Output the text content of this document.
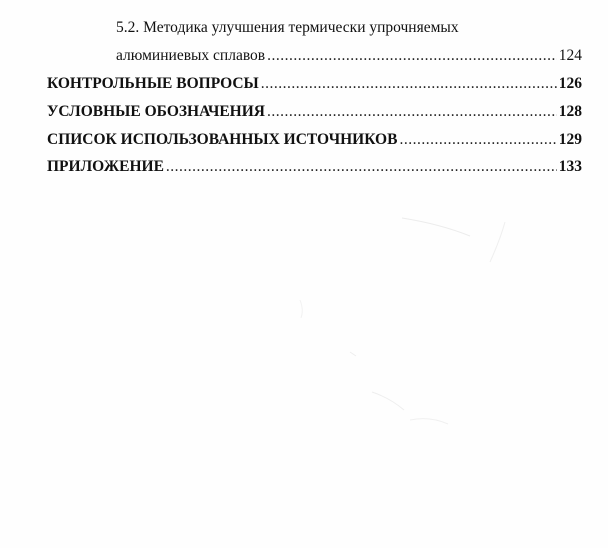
5.2. Методика улучшения термически упрочняемых
алюминиевых сплавов .....	124
КОНТРОЛЬНЫЕ ВОПРОСЫ .....	126
УСЛОВНЫЕ ОБОЗНАЧЕНИЯ .....	128
СПИСОК ИСПОЛЬЗОВАННЫХ ИСТОЧНИКОВ .....	129
ПРИЛОЖЕНИЕ .....	133
